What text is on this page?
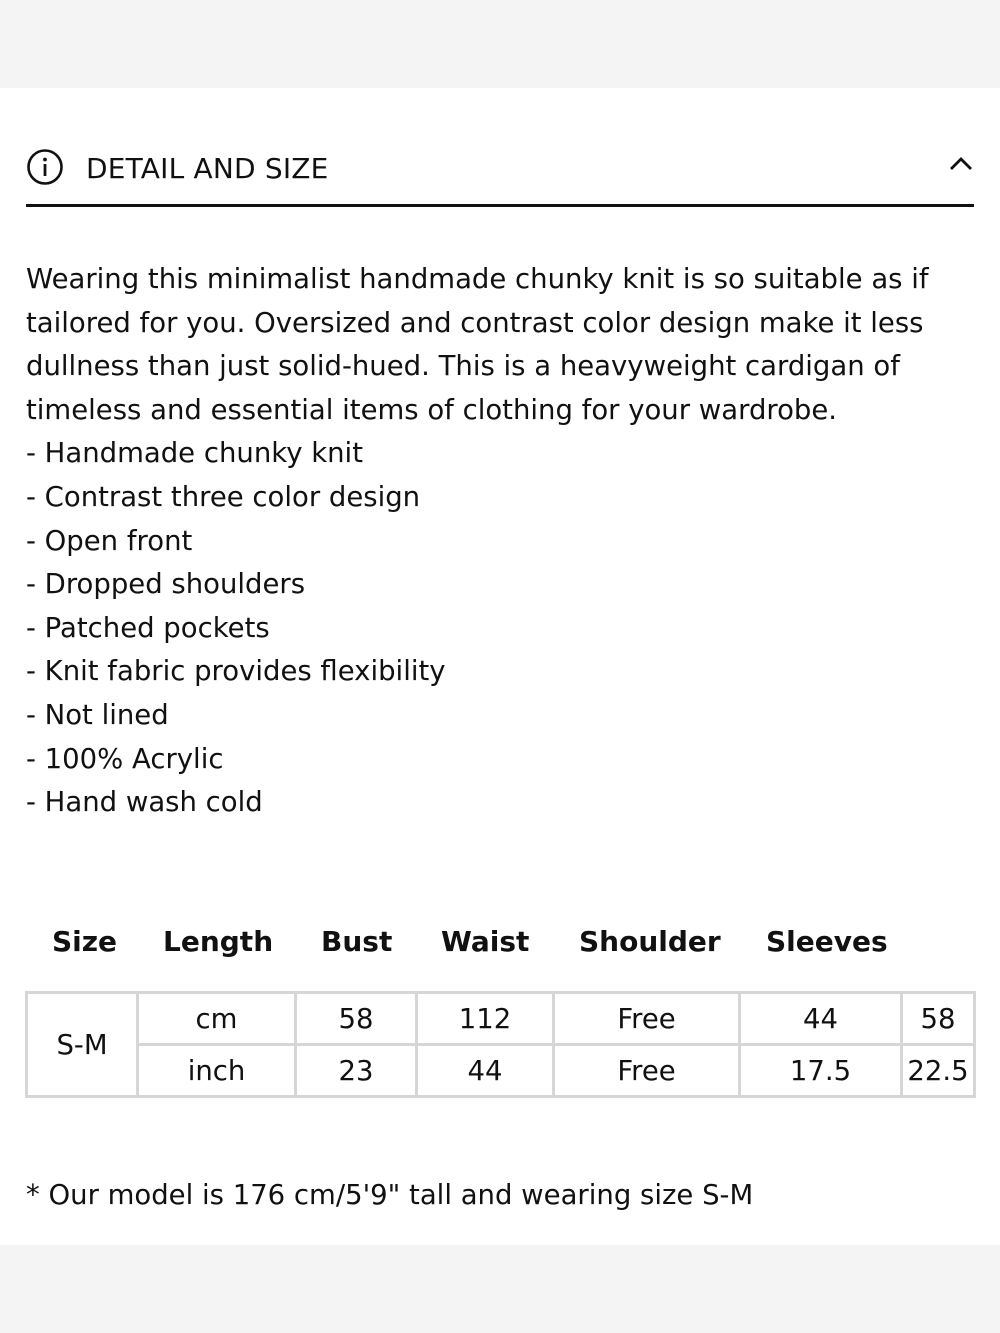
DETAIL AND SIZE

Wearing this minimalist handmade chunky knit is so suitable as if tailored for you. Oversized and contrast color design make it less dullness than just solid-hued. This is a heavyweight cardigan of timeless and essential items of clothing for your wardrobe.

- Handmade chunky knit
- Contrast three color design
- Open front
- Dropped shoulders
- Patched pockets
- Knit fabric provides flexibility
- Not lined
- 100% Acrylic
- Hand wash cold
Size Length Bust Waist Shoulder Sleeves
S-M	cm	58	112	Free	44	58
	inch	23	44	Free	17.5	22.5
* Our model is 176 cm/5'9" tall and wearing size S-M
